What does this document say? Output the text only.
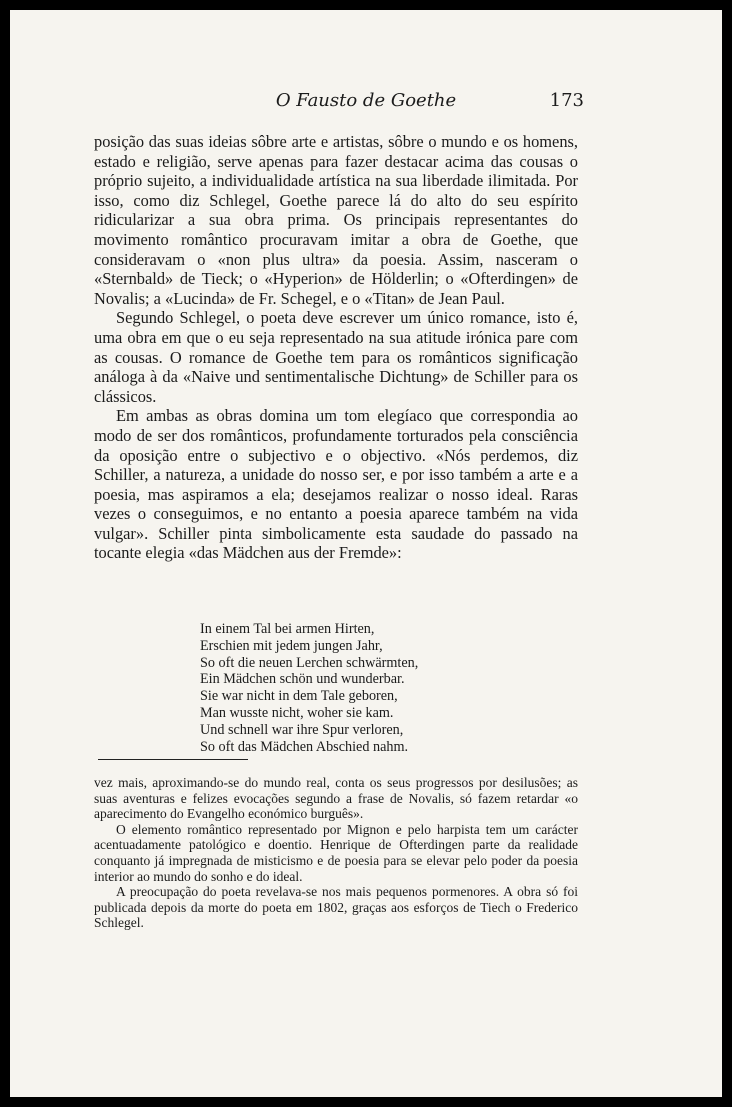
O Fausto de Goethe	173

posição das suas ideias sôbre arte e artistas, sôbre o mundo e os homens, estado e religião, serve apenas para fazer destacar acima das cousas o próprio sujeito, a individualidade artística na sua liberdade ilimitada. Por isso, como diz Schlegel, Goethe parece lá do alto do seu espírito ridicularizar a sua obra prima. Os principais representantes do movimento romântico procuravam imitar a obra de Goethe, que consideravam o «non plus ultra» da poesia. Assim, nasceram o «Sternbald» de Tieck; o «Hyperion» de Hölderlin; o «Ofterdingen» de Novalis; a «Lucinda» de Fr. Schegel, e o «Titan» de Jean Paul.

Segundo Schlegel, o poeta deve escrever um único romance, isto é, uma obra em que o eu seja representado na sua atitude irónica pare com as cousas. O romance de Goethe tem para os românticos significação análoga à da «Naive und sentimentalische Dichtung» de Schiller para os clássicos.

Em ambas as obras domina um tom elegíaco que correspondia ao modo de ser dos românticos, profundamente torturados pela consciência da oposição entre o subjectivo e o objectivo. «Nós perdemos, diz Schiller, a natureza, a unidade do nosso ser, e por isso também a arte e a poesia, mas aspiramos a ela; desejamos realizar o nosso ideal. Raras vezes o conseguimos, e no entanto a poesia aparece também na vida vulgar». Schiller pinta simbolicamente esta saudade do passado na tocante elegia «das Mädchen aus der Fremde»:

In einem Tal bei armen Hirten,
Erschien mit jedem jungen Jahr,
So oft die neuen Lerchen schwärmten,
Ein Mädchen schön und wunderbar.
Sie war nicht in dem Tale geboren,
Man wusste nicht, woher sie kam.
Und schnell war ihre Spur verloren,
So oft das Mädchen Abschied nahm.

vez mais, aproximando-se do mundo real, conta os seus progressos por desilusões; as suas aventuras e felizes evocações segundo a frase de Novalis, só fazem retardar «o aparecimento do Evangelho económico burguês».

O elemento romântico representado por Mignon e pelo harpista tem um carácter acentuadamente patológico e doentio. Henrique de Ofterdingen parte da realidade conquanto já impregnada de misticismo e de poesia para se elevar pelo poder da poesia interior ao mundo do sonho e do ideal.

A preocupação do poeta revelava-se nos mais pequenos pormenores. A obra só foi publicada depois da morte do poeta em 1802, graças aos esforços de Tiech o Frederico Schlegel.
